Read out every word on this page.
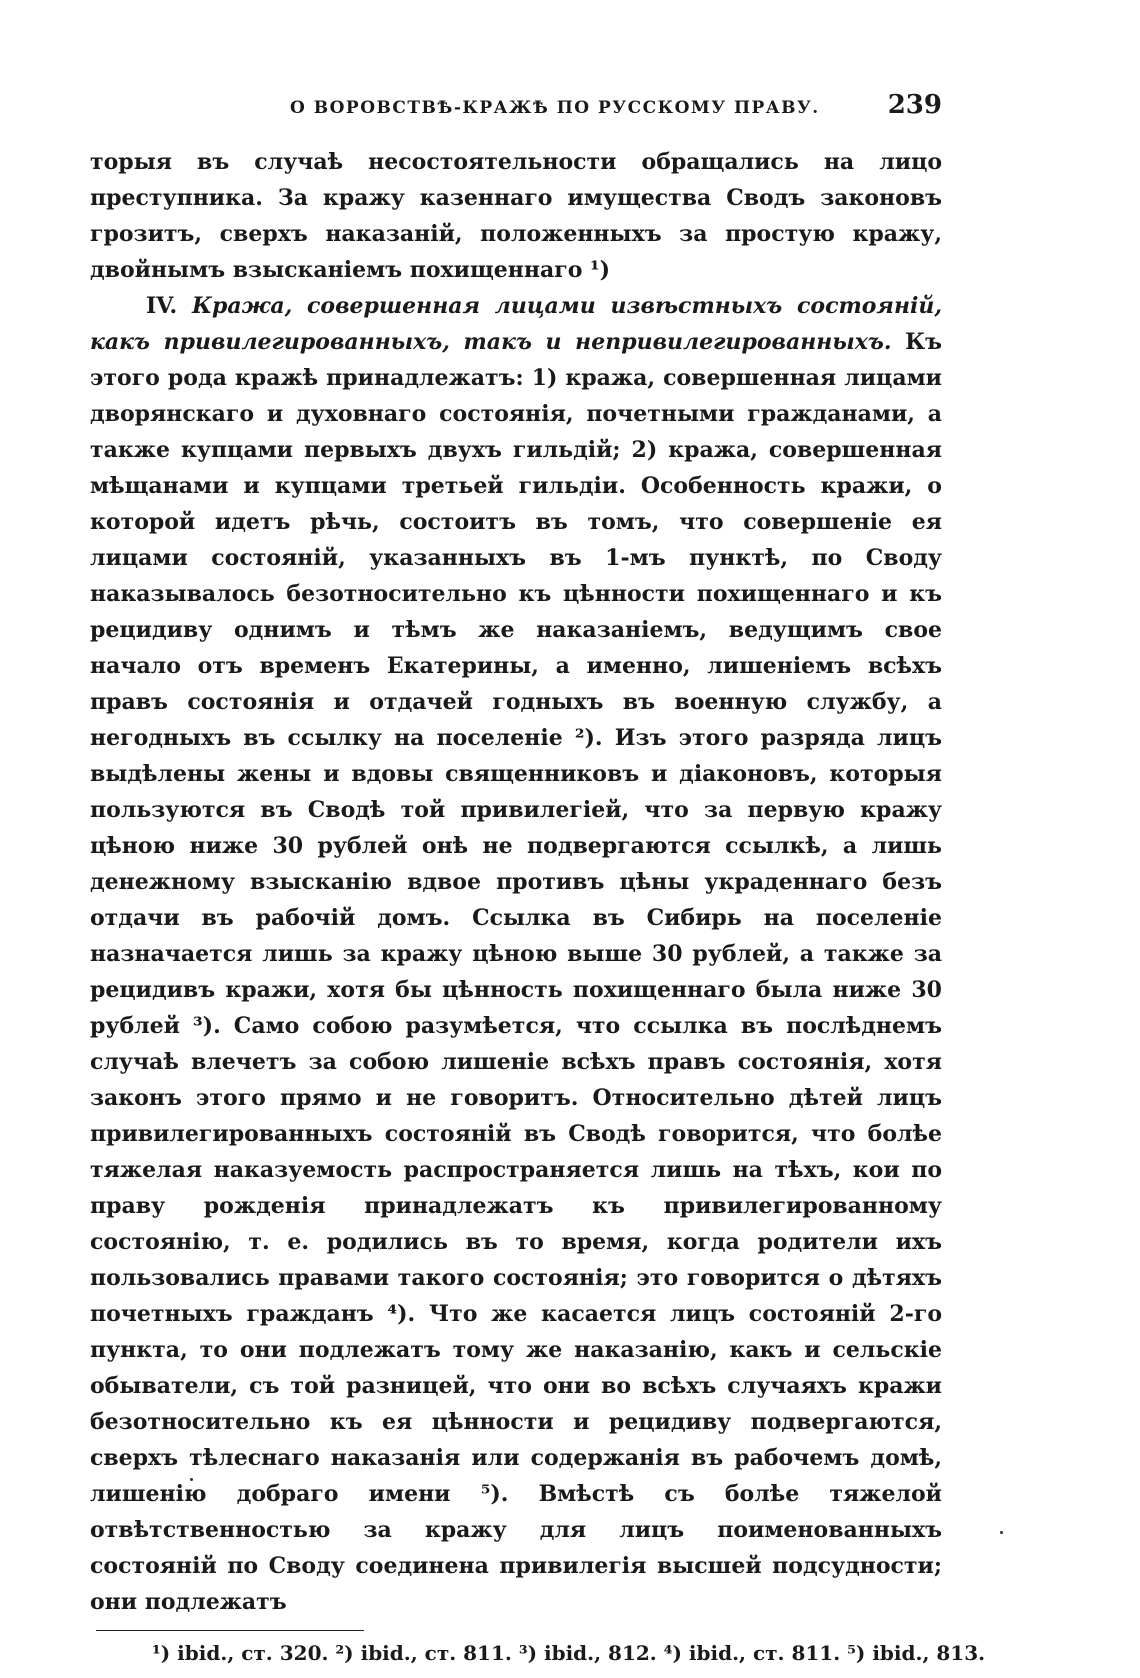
О ВОРОВСТВѢ-КРАЖѢ ПО РУССКОМУ ПРАВУ.	239

торыя въ случаѣ несостоятельности обращались на лицо преступника. За кражу казеннаго имущества Сводъ законовъ грозитъ, сверхъ наказаній, положенныхъ за простую кражу, двойнымъ взысканіемъ похищеннаго ¹)

IV. Кража, совершенная лицами извѣстныхъ состояній, какъ привилегированныхъ, такъ и непривилегированныхъ. Къ этого рода кражѣ принадлежатъ: 1) кража, совершенная лицами дворянскаго и духовнаго состоянія, почетными гражданами, а также купцами первыхъ двухъ гильдій; 2) кража, совершенная мѣщанами и купцами третьей гильдіи. Особенность кражи, о которой идетъ рѣчь, состоитъ въ томъ, что совершеніе ея лицами состояній, указанныхъ въ 1-мъ пунктѣ, по Своду наказывалось безотносительно къ цѣнности похищеннаго и къ рецидиву однимъ и тѣмъ же наказаніемъ, ведущимъ свое начало отъ временъ Екатерины, а именно, лишеніемъ всѣхъ правъ состоянія и отдачей годныхъ въ военную службу, а негодныхъ въ ссылку на поселеніе ²). Изъ этого разряда лицъ выдѣлены жены и вдовы священниковъ и діаконовъ, которыя пользуются въ Сводѣ той привилегіей, что за первую кражу цѣною ниже 30 рублей онѣ не подвергаются ссылкѣ, а лишь денежному взысканію вдвое противъ цѣны украденнаго безъ отдачи въ рабочій домъ. Ссылка въ Сибирь на поселеніе назначается лишь за кражу цѣною выше 30 рублей, а также за рецидивъ кражи, хотя бы цѣнность похищеннаго была ниже 30 рублей ³). Само собою разумѣется, что ссылка въ послѣднемъ случаѣ влечетъ за собою лишеніе всѣхъ правъ состоянія, хотя законъ этого прямо и не говоритъ. Относительно дѣтей лицъ привилегированныхъ состояній въ Сводѣ говорится, что болѣе тяжелая наказуемость распространяется лишь на тѣхъ, кои по праву рожденія принадлежатъ къ привилегированному состоянію, т. е. родились въ то время, когда родители ихъ пользовались правами такого состоянія; это говорится о дѣтяхъ почетныхъ гражданъ ⁴). Что же касается лицъ состояній 2-го пункта, то они подлежатъ тому же наказанію, какъ и сельскіе обыватели, съ той разницей, что они во всѣхъ случаяхъ кражи безотносительно къ ея цѣнности и рецидиву подвергаются, сверхъ тѣлеснаго наказанія или содержанія въ рабочемъ домѣ, лишенію добраго имени ⁵). Вмѣстѣ съ болѣе тяжелой отвѣтственностью за кражу для лицъ поименованныхъ состояній по Своду соединена привилегія высшей подсудности; они подлежатъ

¹) ibid., ст. 320. ²) ibid., ст. 811. ³) ibid., 812. ⁴) ibid., ст. 811. ⁵) ibid., 813.
